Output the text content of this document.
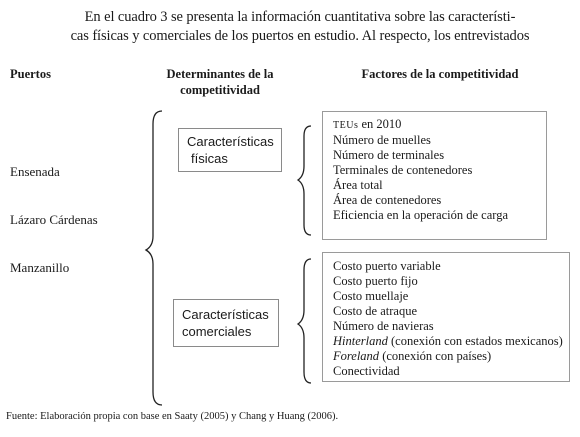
En el cuadro 3 se presenta la información cuantitativa sobre las característi-
cas físicas y comerciales de los puertos en estudio. Al respecto, los entrevistados
Puertos	Determinantes de la
competitividad
Factores de la competitividad
Ensenada
Lázaro Cárdenas
Manzanillo
Características
físicas
Características
comerciales
TEUs en 2010
Número de muelles
Número de terminales
Terminales de contenedores
Área total
Área de contenedores
Eficiencia en la operación de carga
Costo puerto variable
Costo puerto fijo
Costo muellaje
Costo de atraque
Número de navieras
Hinterland (conexión con estados mexicanos)
Foreland (conexión con países)
Conectividad
Fuente: Elaboración propia con base en Saaty (2005) y Chang y Huang (2006).
